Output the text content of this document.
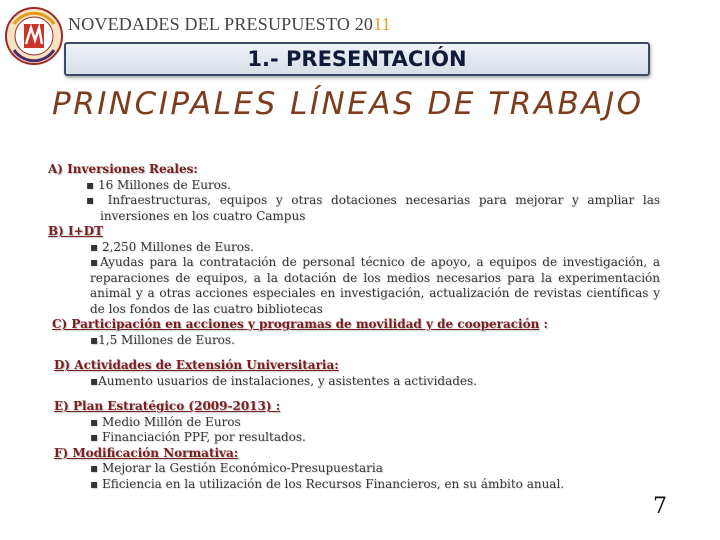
NOVEDADES DEL PRESUPUESTO 2011
1.- PRESENTACIÓN
PRINCIPALES LÍNEAS DE TRABAJO
A) Inversiones Reales:
▪ 16 Millones de Euros.
▪ Infraestructuras, equipos y otras dotaciones necesarias para mejorar y ampliar las inversiones en los cuatro Campus
B) I+DT
▪ 2,250 Millones de Euros.
▪Ayudas para la contratación de personal técnico de apoyo, a equipos de investigación, a reparaciones de equipos, a la dotación de los medios necesarios para la experimentación animal y a otras acciones especiales en investigación, actualización de revistas científicas y de los fondos de las cuatro bibliotecas
C) Participación en acciones y programas de movilidad y de cooperación :
▪1,5 Millones de Euros.
D) Actividades de Extensión Universitaria:
▪Aumento usuarios de instalaciones, y asistentes a actividades.
E) Plan Estratégico (2009-2013) :
▪ Medio Millón de Euros
▪ Financiación PPF, por resultados.
F) Modificación Normativa:
▪ Mejorar la Gestión Económico-Presupuestaria
▪ Eficiencia en la utilización de los Recursos Financieros, en su ámbito anual.
7
